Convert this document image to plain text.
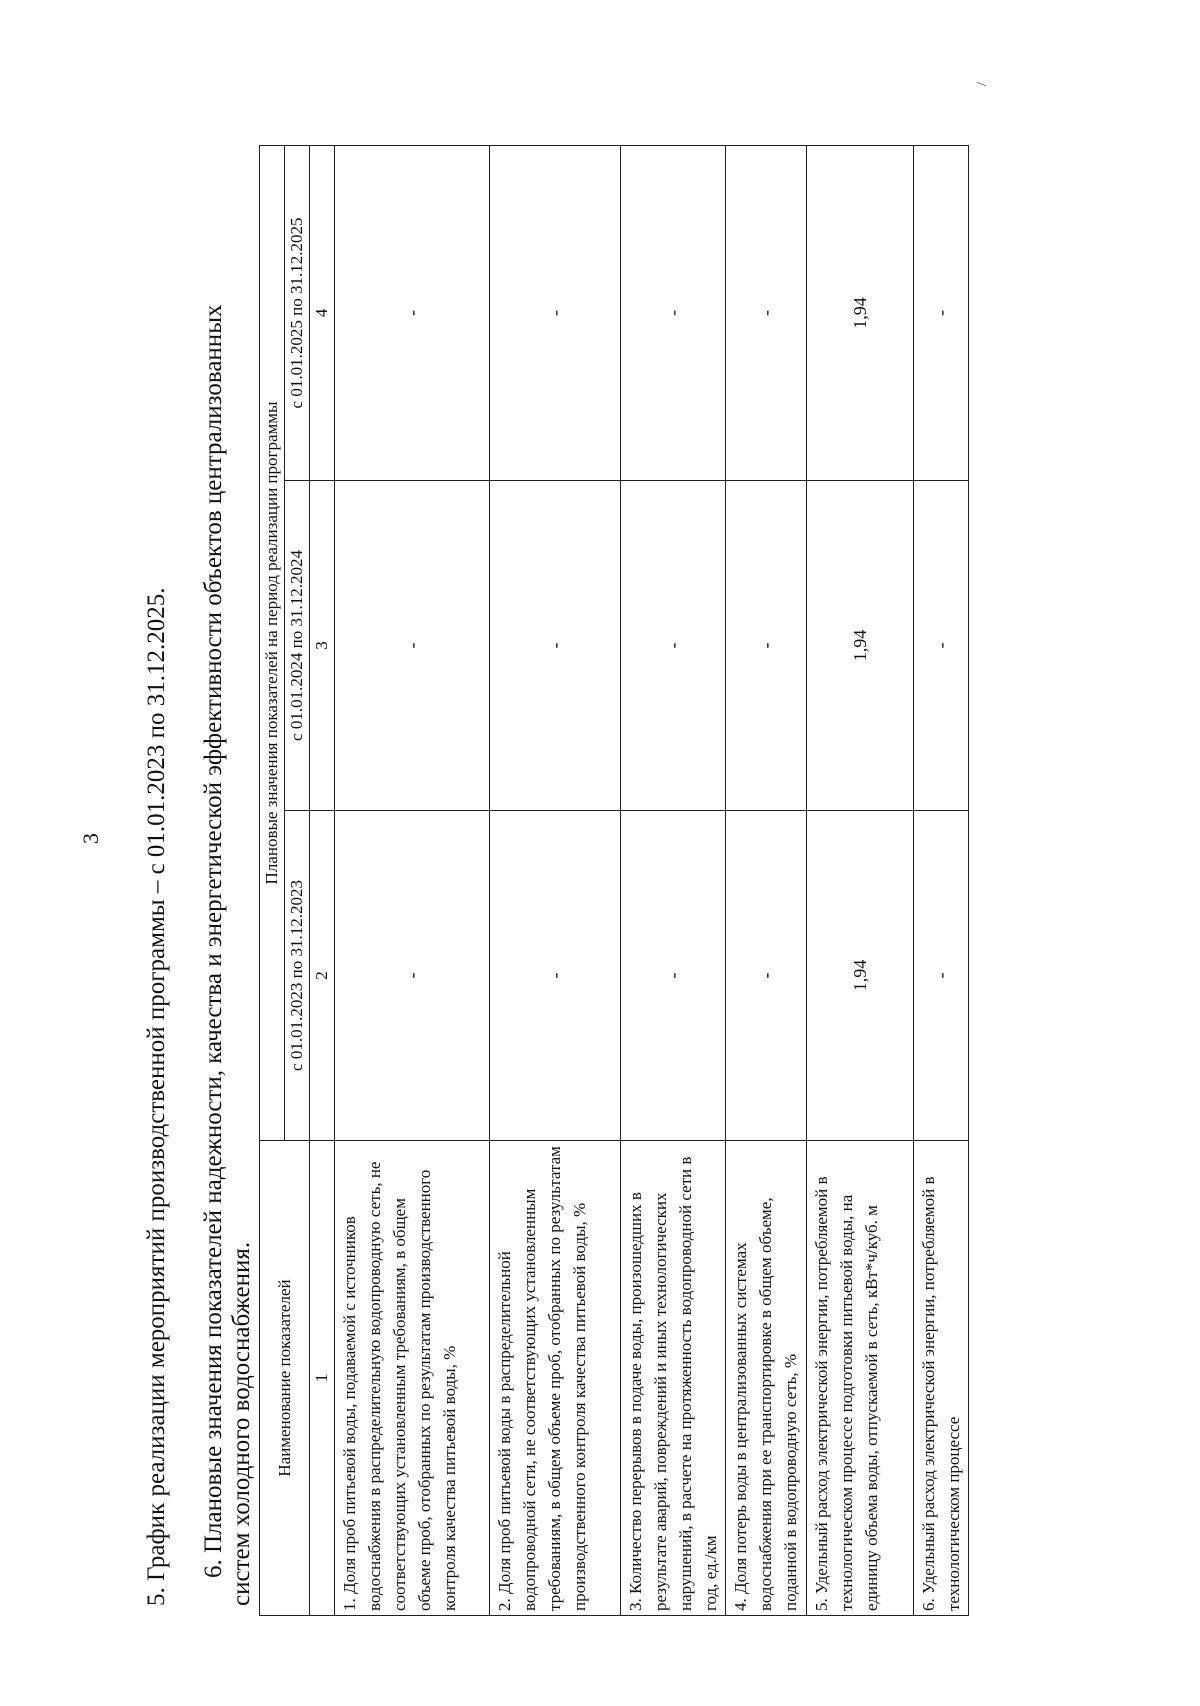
3 5. График реализации мероприятий производственной программы – с 01.01.2023 по 31.12.2025. 6. Плановые значения показателей надежности, качества и энергетической эффективности объектов централизованных систем холодного водоснабжения.
/
Наименование показателей	Плановые значения показателей на период реализации программы		
	с 01.01.2023 по 31.12.2023	с 01.01.2024 по 31.12.2024	с 01.01.2025 по 31.12.2025
1	2	3	4
1. Доля проб питьевой воды, подаваемой с источников водоснабжения в распределительную водопроводную сеть, не соответствующих установленным требованиям, в общем объеме проб, отобранных по результатам производственного контроля качества питьевой воды, %	-	-	-
2. Доля проб питьевой воды в распределительной водопроводной сети, не соответствующих установленным требованиям, в общем объеме проб, отобранных по результатам производственного контроля качества питьевой воды, %	-	-	-
3. Количество перерывов в подаче воды, произошедших в результате аварий, повреждений и иных технологических нарушений, в расчете на протяженность водопроводной сети в год, ед./км	-	-	-
4. Доля потерь воды в централизованных системах водоснабжения при ее транспортировке в общем объеме, поданной в водопроводную сеть, %	-	-	-
5. Удельный расход электрической энергии, потребляемой в технологическом процессе подготовки питьевой воды, на единицу объема воды, отпускаемой в сеть, кВт*ч/куб. м	1,94	1,94	1,94
6. Удельный расход электрической энергии, потребляемой в технологическом процессе	-	-	-
